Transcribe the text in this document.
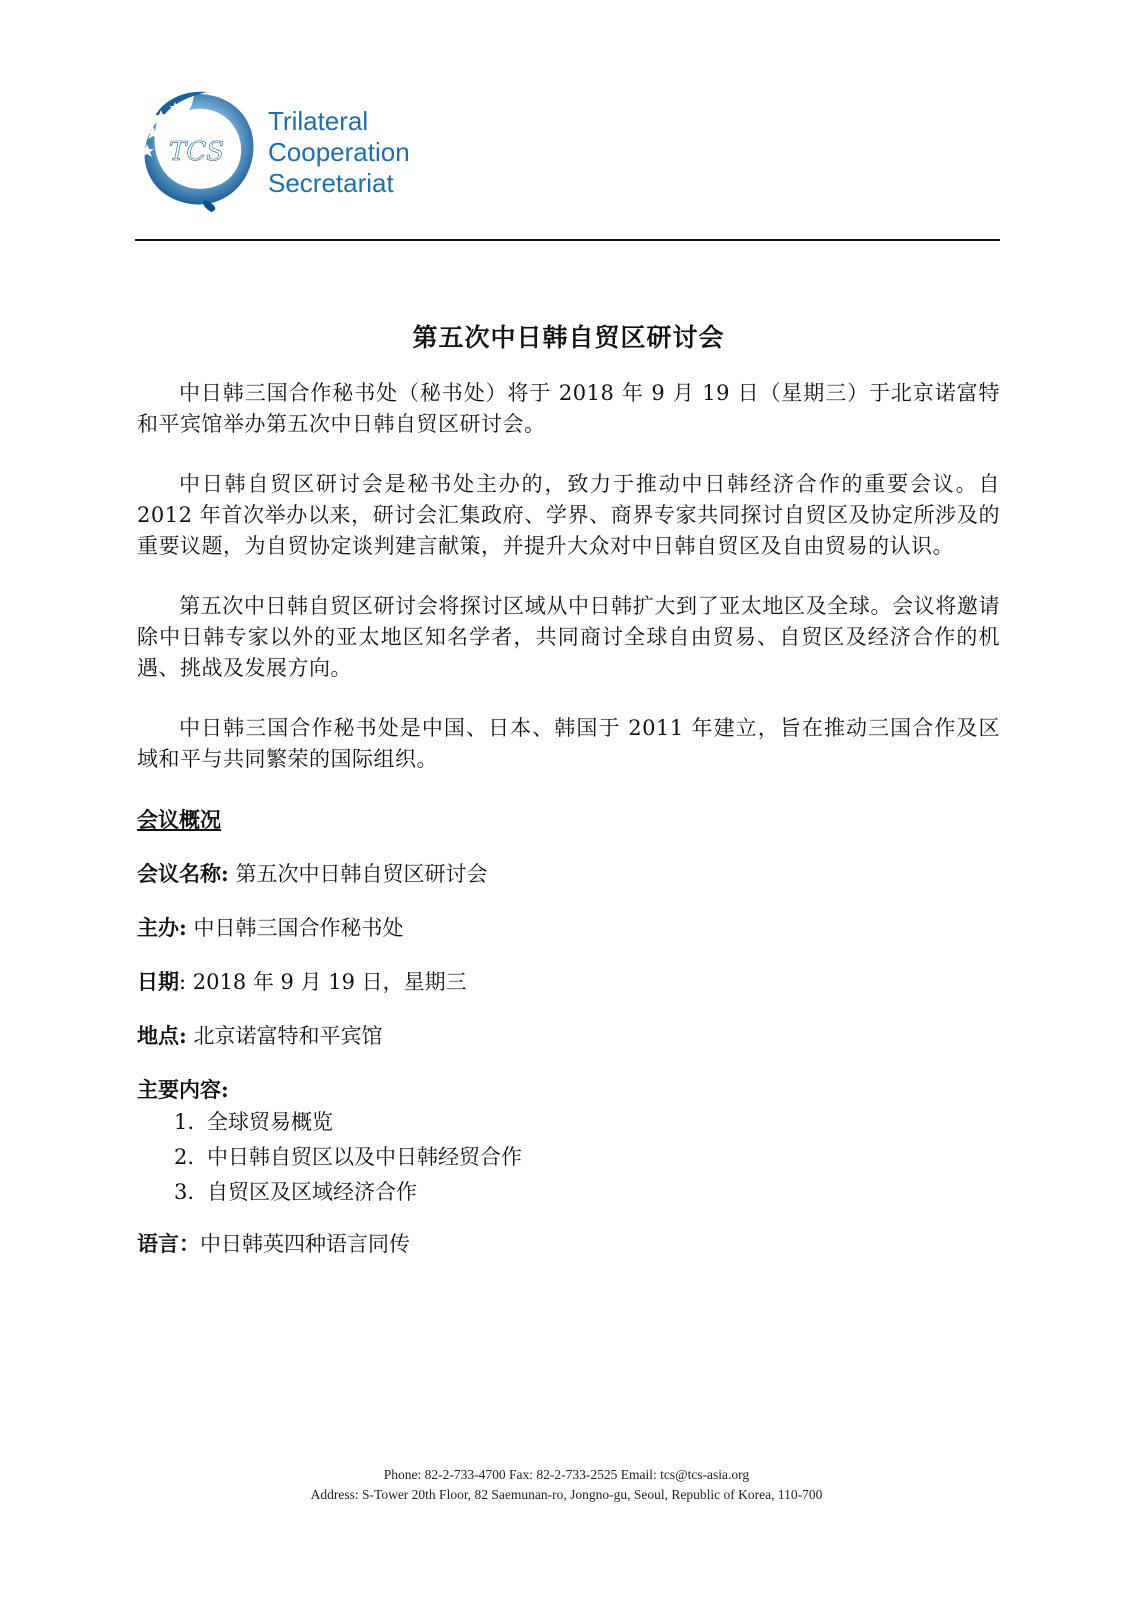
TCS
Trilateral
Cooperation
Secretariat
第五次中日韩自贸区研讨会

中日韩三国合作秘书处（秘书处）将于 2018 年 9 月 19 日（星期三）于北京诺富特和平宾馆举办第五次中日韩自贸区研讨会。

中日韩自贸区研讨会是秘书处主办的，致力于推动中日韩经济合作的重要会议。自 2012 年首次举办以来，研讨会汇集政府、学界、商界专家共同探讨自贸区及协定所涉及的重要议题，为自贸协定谈判建言献策，并提升大众对中日韩自贸区及自由贸易的认识。

第五次中日韩自贸区研讨会将探讨区域从中日韩扩大到了亚太地区及全球。会议将邀请除中日韩专家以外的亚太地区知名学者，共同商讨全球自由贸易、自贸区及经济合作的机遇、挑战及发展方向。

中日韩三国合作秘书处是中国、日本、韩国于 2011 年建立，旨在推动三国合作及区域和平与共同繁荣的国际组织。

会议概况
会议名称: 第五次中日韩自贸区研讨会
主办: 中日韩三国合作秘书处
日期: 2018 年 9 月 19 日，星期三
地点: 北京诺富特和平宾馆
主要内容:
1. 全球贸易概览
2. 中日韩自贸区以及中日韩经贸合作
3. 自贸区及区域经济合作
语言：中日韩英四种语言同传
Phone: 82-2-733-4700 Fax: 82-2-733-2525 Email: tcs@tcs-asia.org
Address: S-Tower 20th Floor, 82 Saemunan-ro, Jongno-gu, Seoul, Republic of Korea, 110-700
